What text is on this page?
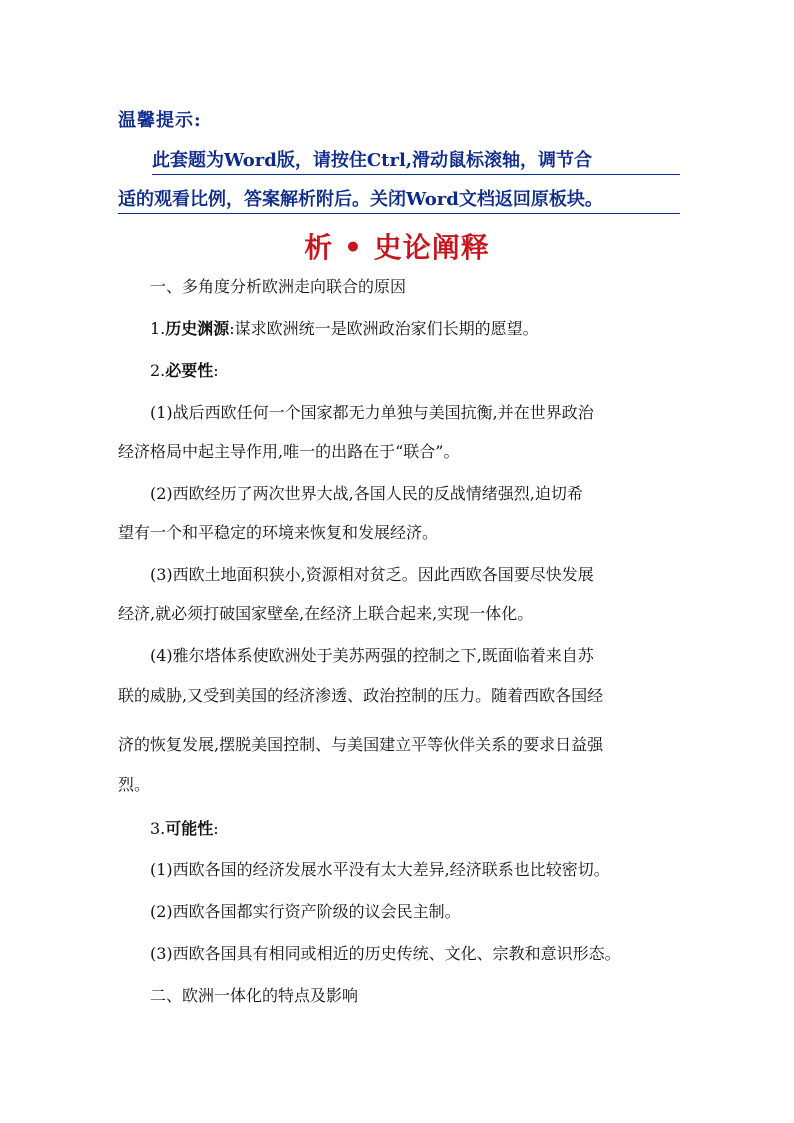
温馨提示:
此套题为Word版，请按住Ctrl,滑动鼠标滚轴，调节合
适的观看比例，答案解析附后。关闭Word文档返回原板块。
析 • 史论阐释
一、多角度分析欧洲走向联合的原因
1.历史渊源:谋求欧洲统一是欧洲政治家们长期的愿望。
2.必要性:
(1)战后西欧任何一个国家都无力单独与美国抗衡,并在世界政治
经济格局中起主导作用,唯一的出路在于“联合”。
(2)西欧经历了两次世界大战,各国人民的反战情绪强烈,迫切希
望有一个和平稳定的环境来恢复和发展经济。
(3)西欧土地面积狭小,资源相对贫乏。因此西欧各国要尽快发展
经济,就必须打破国家壁垒,在经济上联合起来,实现一体化。
(4)雅尔塔体系使欧洲处于美苏两强的控制之下,既面临着来自苏
联的威胁,又受到美国的经济渗透、政治控制的压力。随着西欧各国经
济的恢复发展,摆脱美国控制、与美国建立平等伙伴关系的要求日益强
烈。
3.可能性:
(1)西欧各国的经济发展水平没有太大差异,经济联系也比较密切。
(2)西欧各国都实行资产阶级的议会民主制。
(3)西欧各国具有相同或相近的历史传统、文化、宗教和意识形态。
二、欧洲一体化的特点及影响
